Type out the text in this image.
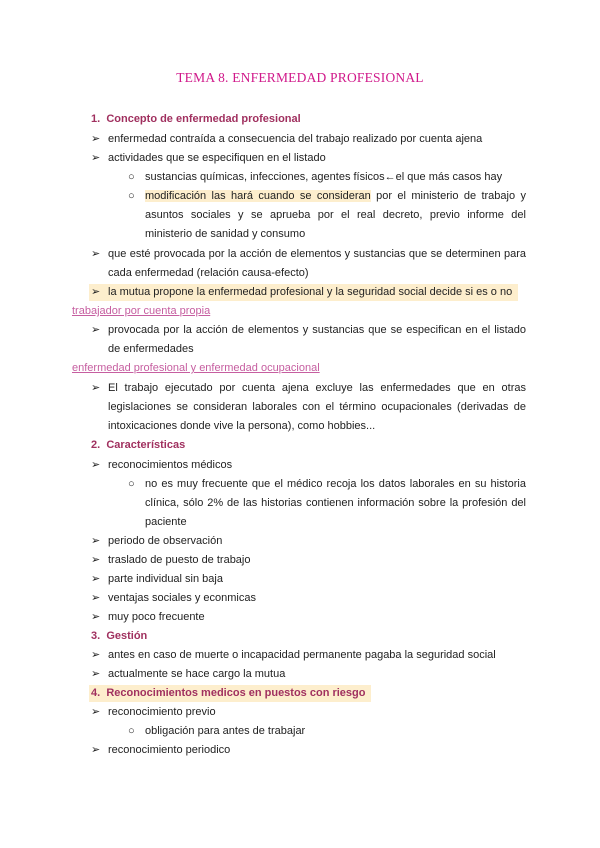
TEMA 8. ENFERMEDAD PROFESIONAL
1. Concepto de enfermedad profesional
➢ enfermedad contraída a consecuencia del trabajo realizado por cuenta ajena
➢ actividades que se especifiquen en el listado
○ sustancias químicas, infecciones, agentes físicos←el que más casos hay
○ modificación las hará cuando se consideran por el ministerio de trabajo y
asuntos sociales y se aprueba por el real decreto, previo informe del
ministerio de sanidad y consumo
➢ que esté provocada por la acción de elementos y sustancias que se determinen para
cada enfermedad (relación causa-efecto)
➢ la mutua propone la enfermedad profesional y la seguridad social decide si es o no
trabajador por cuenta propia
➢ provocada por la acción de elementos y sustancias que se especifican en el listado
de enfermedades
enfermedad profesional y enfermedad ocupacional
➢ El trabajo ejecutado por cuenta ajena excluye las enfermedades que en otras
legislaciones se consideran laborales con el término ocupacionales (derivadas de
intoxicaciones donde vive la persona), como hobbies...
2. Características
➢ reconocimientos médicos
○ no es muy frecuente que el médico recoja los datos laborales en su historia
clínica, sólo 2% de las historias contienen información sobre la profesión del
paciente
➢ periodo de observación
➢ traslado de puesto de trabajo
➢ parte individual sin baja
➢ ventajas sociales y econmicas
➢ muy poco frecuente
3. Gestión
➢ antes en caso de muerte o incapacidad permanente pagaba la seguridad social
➢ actualmente se hace cargo la mutua
4. Reconocimientos medicos en puestos con riesgo
➢ reconocimiento previo
○ obligación para antes de trabajar
➢ reconocimiento periodico
